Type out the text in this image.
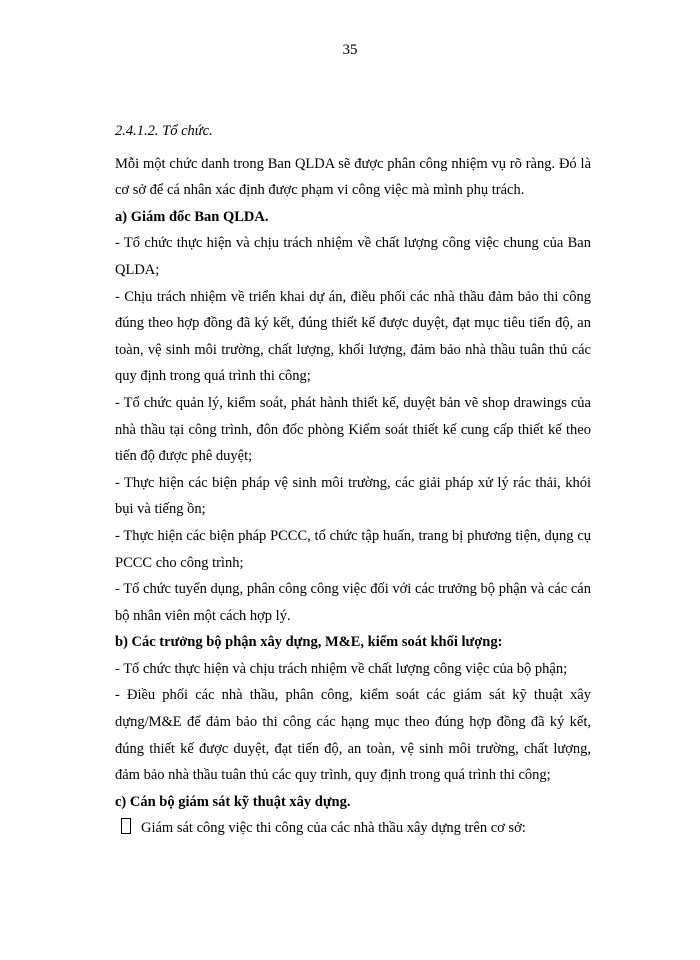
35

2.4.1.2. Tổ chức.

Mỗi một chức danh trong Ban QLDA sẽ được phân công nhiệm vụ rõ ràng. Đó là cơ sở để cá nhân xác định được phạm vi công việc mà mình phụ trách.

a) Giám đốc Ban QLDA.

- Tổ chức thực hiện và chịu trách nhiệm về chất lượng công việc chung của Ban QLDA;

- Chịu trách nhiệm về triển khai dự án, điều phối các nhà thầu đảm bảo thi công đúng theo hợp đồng đã ký kết, đúng thiết kế được duyệt, đạt mục tiêu tiến độ, an toàn, vệ sinh môi trường, chất lượng, khối lượng, đảm bảo nhà thầu tuân thủ các quy định trong quá trình thi công;

- Tổ chức quản lý, kiểm soát, phát hành thiết kế, duyệt bản vẽ shop drawings của nhà thầu tại công trình, đôn đốc phòng Kiểm soát thiết kế cung cấp thiết kế theo tiến độ được phê duyệt;

- Thực hiện các biện pháp vệ sinh môi trường, các giải pháp xử lý rác thải, khói bụi và tiếng ồn;

- Thực hiện các biện pháp PCCC, tổ chức tập huấn, trang bị phương tiện, dụng cụ PCCC cho công trình;

- Tổ chức tuyển dụng, phân công công việc đối với các trưởng bộ phận và các cán bộ nhân viên một cách hợp lý.

b) Các trưởng bộ phận xây dựng, M&E, kiểm soát khối lượng:

- Tổ chức thực hiện và chịu trách nhiệm về chất lượng công việc của bộ phận;

- Điều phối các nhà thầu, phân công, kiểm soát các giám sát kỹ thuật xây dựng/M&E để đảm bảo thi công các hạng mục theo đúng hợp đồng đã ký kết, đúng thiết kế được duyệt, đạt tiến độ, an toàn, vệ sinh môi trường, chất lượng, đảm bảo nhà thầu tuân thủ các quy trình, quy định trong quá trình thi công;

c) Cán bộ giám sát kỹ thuật xây dựng.

Giám sát công việc thi công của các nhà thầu xây dựng trên cơ sở:
